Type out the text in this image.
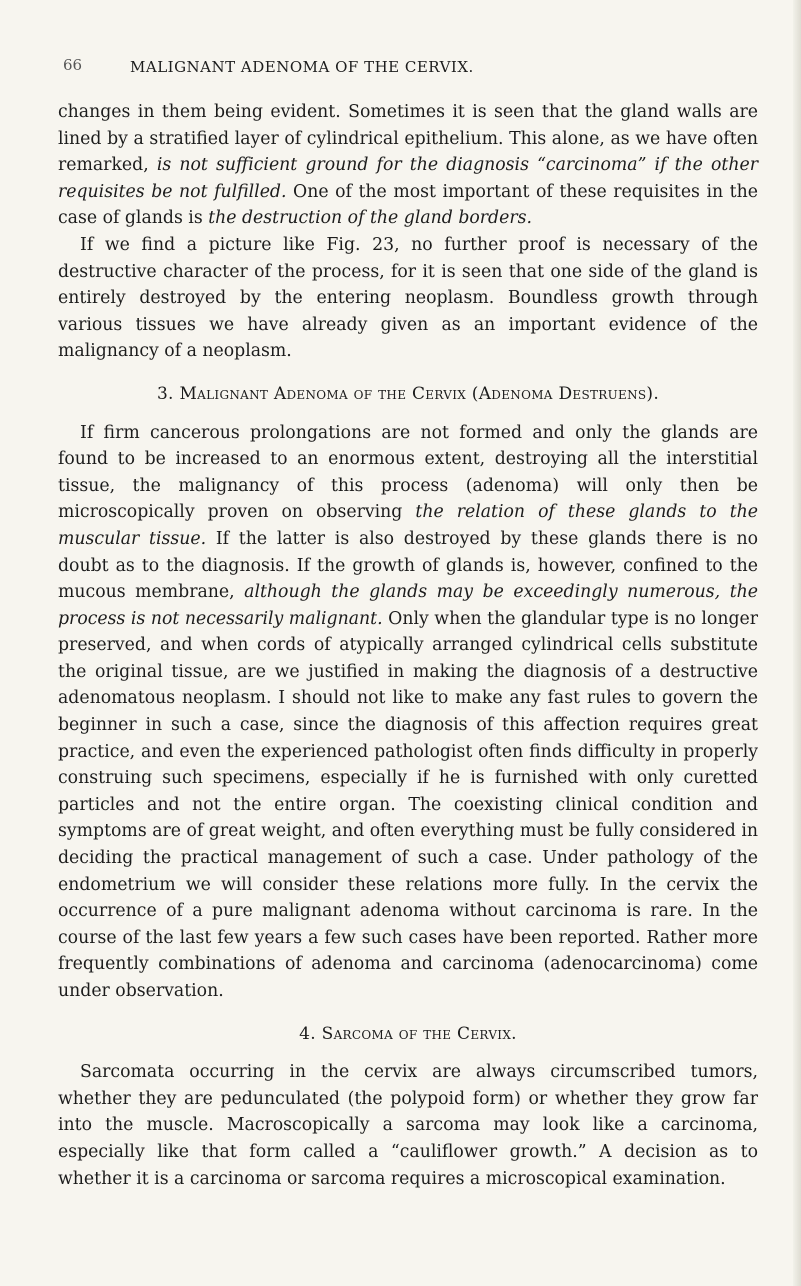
66	MALIGNANT ADENOMA OF THE CERVIX.

changes in them being evident. Sometimes it is seen that the gland walls are lined by a stratified layer of cylindrical epithelium. This alone, as we have often remarked, is not sufficient ground for the diagnosis “carcinoma” if the other requisites be not fulfilled. One of the most important of these requisites in the case of glands is the destruction of the gland borders.

If we find a picture like Fig. 23, no further proof is necessary of the destructive character of the process, for it is seen that one side of the gland is entirely destroyed by the entering neoplasm. Boundless growth through various tissues we have already given as an important evidence of the malignancy of a neoplasm.

3. Malignant Adenoma of the Cervix (Adenoma Destruens).

If firm cancerous prolongations are not formed and only the glands are found to be increased to an enormous extent, destroying all the interstitial tissue, the malignancy of this process (adenoma) will only then be microscopically proven on observing the relation of these glands to the muscular tissue. If the latter is also destroyed by these glands there is no doubt as to the diagnosis. If the growth of glands is, however, confined to the mucous membrane, although the glands may be exceedingly numerous, the process is not necessarily malignant. Only when the glandular type is no longer preserved, and when cords of atypically arranged cylindrical cells substitute the original tissue, are we justified in making the diagnosis of a destructive adenomatous neoplasm. I should not like to make any fast rules to govern the beginner in such a case, since the diagnosis of this affection requires great practice, and even the experienced pathologist often finds difficulty in properly construing such specimens, especially if he is furnished with only curetted particles and not the entire organ. The coexisting clinical condition and symptoms are of great weight, and often everything must be fully considered in deciding the practical management of such a case. Under pathology of the endometrium we will consider these relations more fully. In the cervix the occurrence of a pure malignant adenoma without carcinoma is rare. In the course of the last few years a few such cases have been reported. Rather more frequently combinations of adenoma and carcinoma (adenocarcinoma) come under observation.

4. Sarcoma of the Cervix.

Sarcomata occurring in the cervix are always circumscribed tumors, whether they are pedunculated (the polypoid form) or whether they grow far into the muscle. Macroscopically a sarcoma may look like a carcinoma, especially like that form called a “cauliflower growth.” A decision as to whether it is a carcinoma or sarcoma requires a microscopical examination.
